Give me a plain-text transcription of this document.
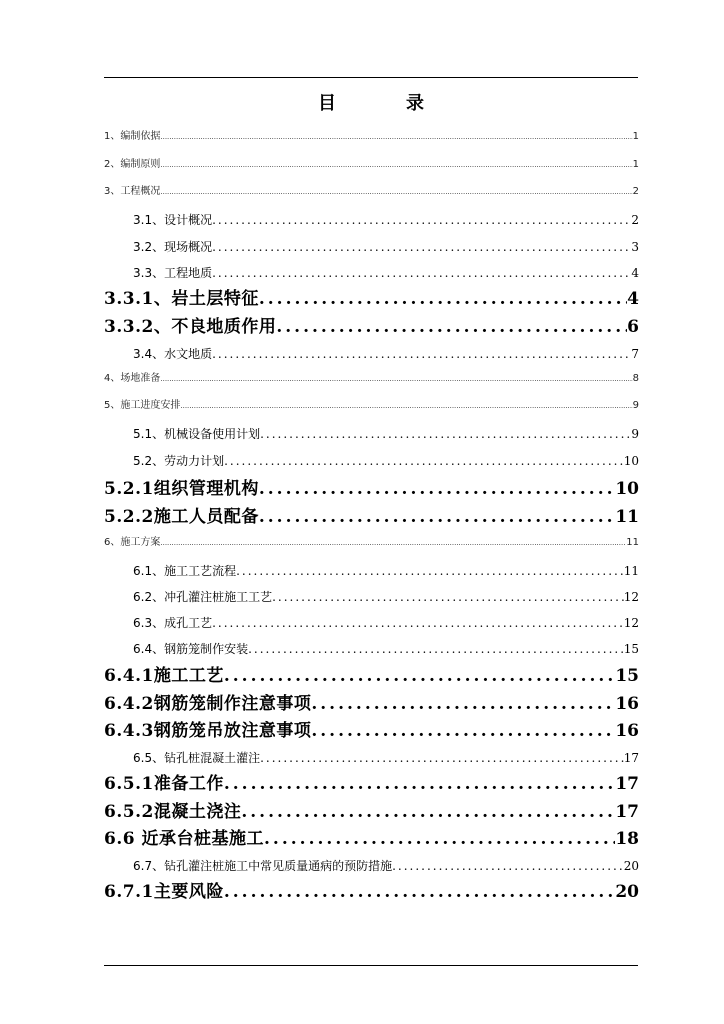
目　录
1、编制依据 .....	1
2、编制原则 .....	1
3、工程概况 .....	2
3.1、设计概况 .....	2
3.2、现场概况 .....	3
3.3、工程地质 .....	4
3.3.1、岩土层特征 .....	4
3.3.2、不良地质作用 .....	6
3.4、水文地质 .....	7
4、场地准备 .....	8
5、施工进度安排 .....	9
5.1、机械设备使用计划 .....	9
5.2、劳动力计划 .....	10
5.2.1组织管理机构 .....	10
5.2.2施工人员配备 .....	11
6、施工方案 .....	11
6.1、施工工艺流程 .....	11
6.2、冲孔灌注桩施工工艺 .....	12
6.3、成孔工艺 .....	12
6.4、钢筋笼制作安装 .....	15
6.4.1施工工艺 .....	15
6.4.2钢筋笼制作注意事项 .....	16
6.4.3钢筋笼吊放注意事项 .....	16
6.5、钻孔桩混凝土灌注 .....	17
6.5.1准备工作 .....	17
6.5.2混凝土浇注 .....	17
6.6 近承台桩基施工 .....	18
6.7、钻孔灌注桩施工中常见质量通病的预防措施 .....	20
6.7.1主要风险 .....	20
